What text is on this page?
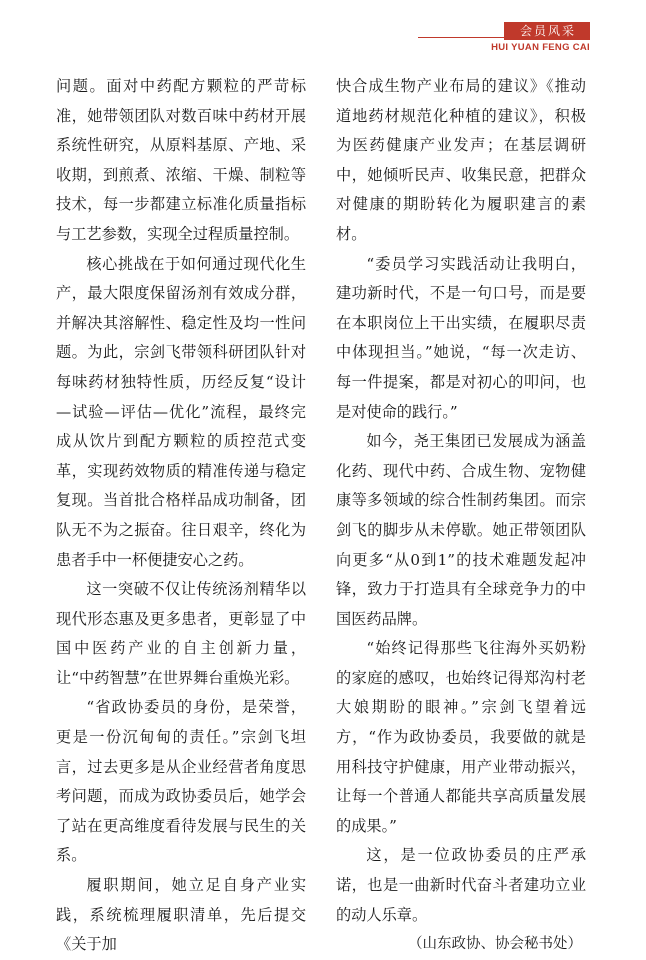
会员风采
HUI YUAN FENG CAI

问题。面对中药配方颗粒的严苛标准，她带领团队对数百味中药材开展系统性研究，从原料基原、产地、采收期，到煎煮、浓缩、干燥、制粒等技术，每一步都建立标准化质量指标与工艺参数，实现全过程质量控制。

核心挑战在于如何通过现代化生产，最大限度保留汤剂有效成分群，并解决其溶解性、稳定性及均一性问题。为此，宗剑飞带领科研团队针对每味药材独特性质，历经反复“设计—试验—评估—优化”流程，最终完成从饮片到配方颗粒的质控范式变革，实现药效物质的精准传递与稳定复现。当首批合格样品成功制备，团队无不为之振奋。往日艰辛，终化为患者手中一杯便捷安心之药。

这一突破不仅让传统汤剂精华以现代形态惠及更多患者，更彰显了中国中医药产业的自主创新力量，让“中药智慧”在世界舞台重焕光彩。

“省政协委员的身份，是荣誉，更是一份沉甸甸的责任。”宗剑飞坦言，过去更多是从企业经营者角度思考问题，而成为政协委员后，她学会了站在更高维度看待发展与民生的关系。

履职期间，她立足自身产业实践，系统梳理履职清单，先后提交《关于加

快合成生物产业布局的建议》《推动道地药材规范化种植的建议》，积极为医药健康产业发声；在基层调研中，她倾听民声、收集民意，把群众对健康的期盼转化为履职建言的素材。

“委员学习实践活动让我明白，建功新时代，不是一句口号，而是要在本职岗位上干出实绩，在履职尽责中体现担当。”她说，“每一次走访、每一件提案，都是对初心的叩问，也是对使命的践行。”

如今，尧王集团已发展成为涵盖化药、现代中药、合成生物、宠物健康等多领域的综合性制药集团。而宗剑飞的脚步从未停歇。她正带领团队向更多“从0到1”的技术难题发起冲锋，致力于打造具有全球竞争力的中国医药品牌。

“始终记得那些飞往海外买奶粉的家庭的感叹，也始终记得郑沟村老大娘期盼的眼神。”宗剑飞望着远方，“作为政协委员，我要做的就是用科技守护健康，用产业带动振兴，让每一个普通人都能共享高质量发展的成果。”

这，是一位政协委员的庄严承诺，也是一曲新时代奋斗者建功立业的动人乐章。

（山东政协、协会秘书处）
